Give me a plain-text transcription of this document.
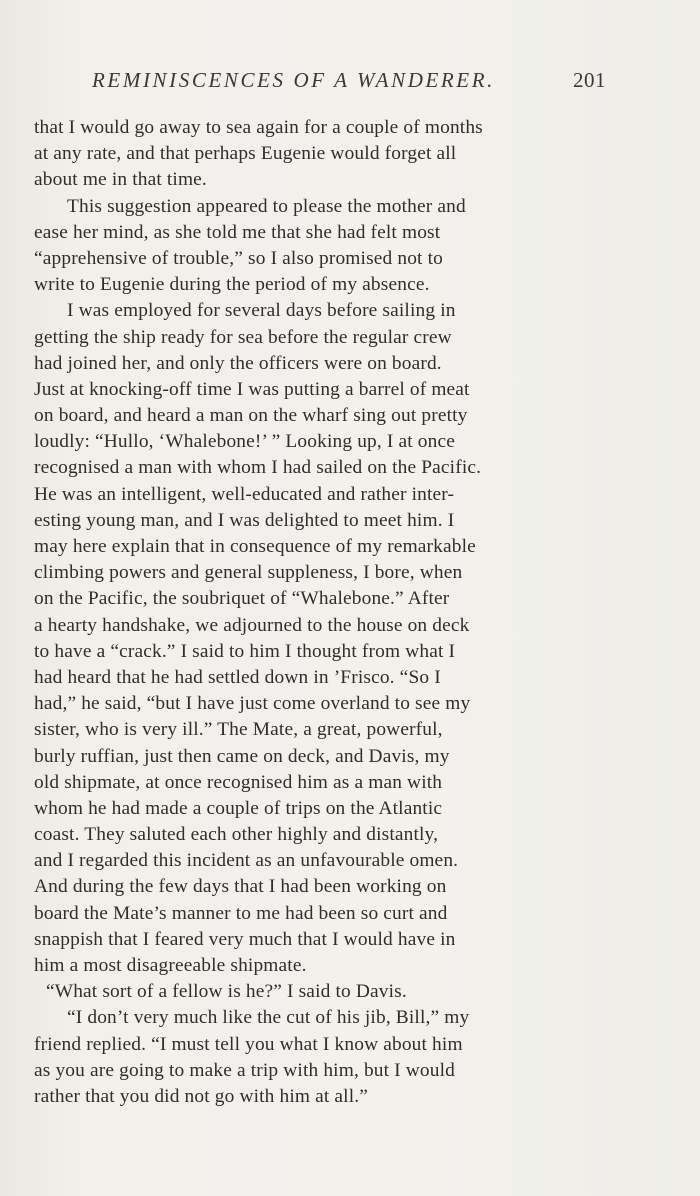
REMINISCENCES OF A WANDERER.	201
that I would go away to sea again for a couple of months
at any rate, and that perhaps Eugenie would forget all
about me in that time.
This suggestion appeared to please the mother and
ease her mind, as she told me that she had felt most
“apprehensive of trouble,” so I also promised not to
write to Eugenie during the period of my absence.
I was employed for several days before sailing in
getting the ship ready for sea before the regular crew
had joined her, and only the officers were on board.
Just at knocking-off time I was putting a barrel of meat
on board, and heard a man on the wharf sing out pretty
loudly: “Hullo, ‘Whalebone!’ ” Looking up, I at once
recognised a man with whom I had sailed on the Pacific.
He was an intelligent, well-educated and rather inter-
esting young man, and I was delighted to meet him. I
may here explain that in consequence of my remarkable
climbing powers and general suppleness, I bore, when
on the Pacific, the soubriquet of “Whalebone.” After
a hearty handshake, we adjourned to the house on deck
to have a “crack.” I said to him I thought from what I
had heard that he had settled down in ’Frisco. “So I
had,” he said, “but I have just come overland to see my
sister, who is very ill.” The Mate, a great, powerful,
burly ruffian, just then came on deck, and Davis, my
old shipmate, at once recognised him as a man with
whom he had made a couple of trips on the Atlantic
coast. They saluted each other highly and distantly,
and I regarded this incident as an unfavourable omen.
And during the few days that I had been working on
board the Mate’s manner to me had been so curt and
snappish that I feared very much that I would have in
him a most disagreeable shipmate.
“What sort of a fellow is he?” I said to Davis.
“I don’t very much like the cut of his jib, Bill,” my
friend replied. “I must tell you what I know about him
as you are going to make a trip with him, but I would
rather that you did not go with him at all.”
